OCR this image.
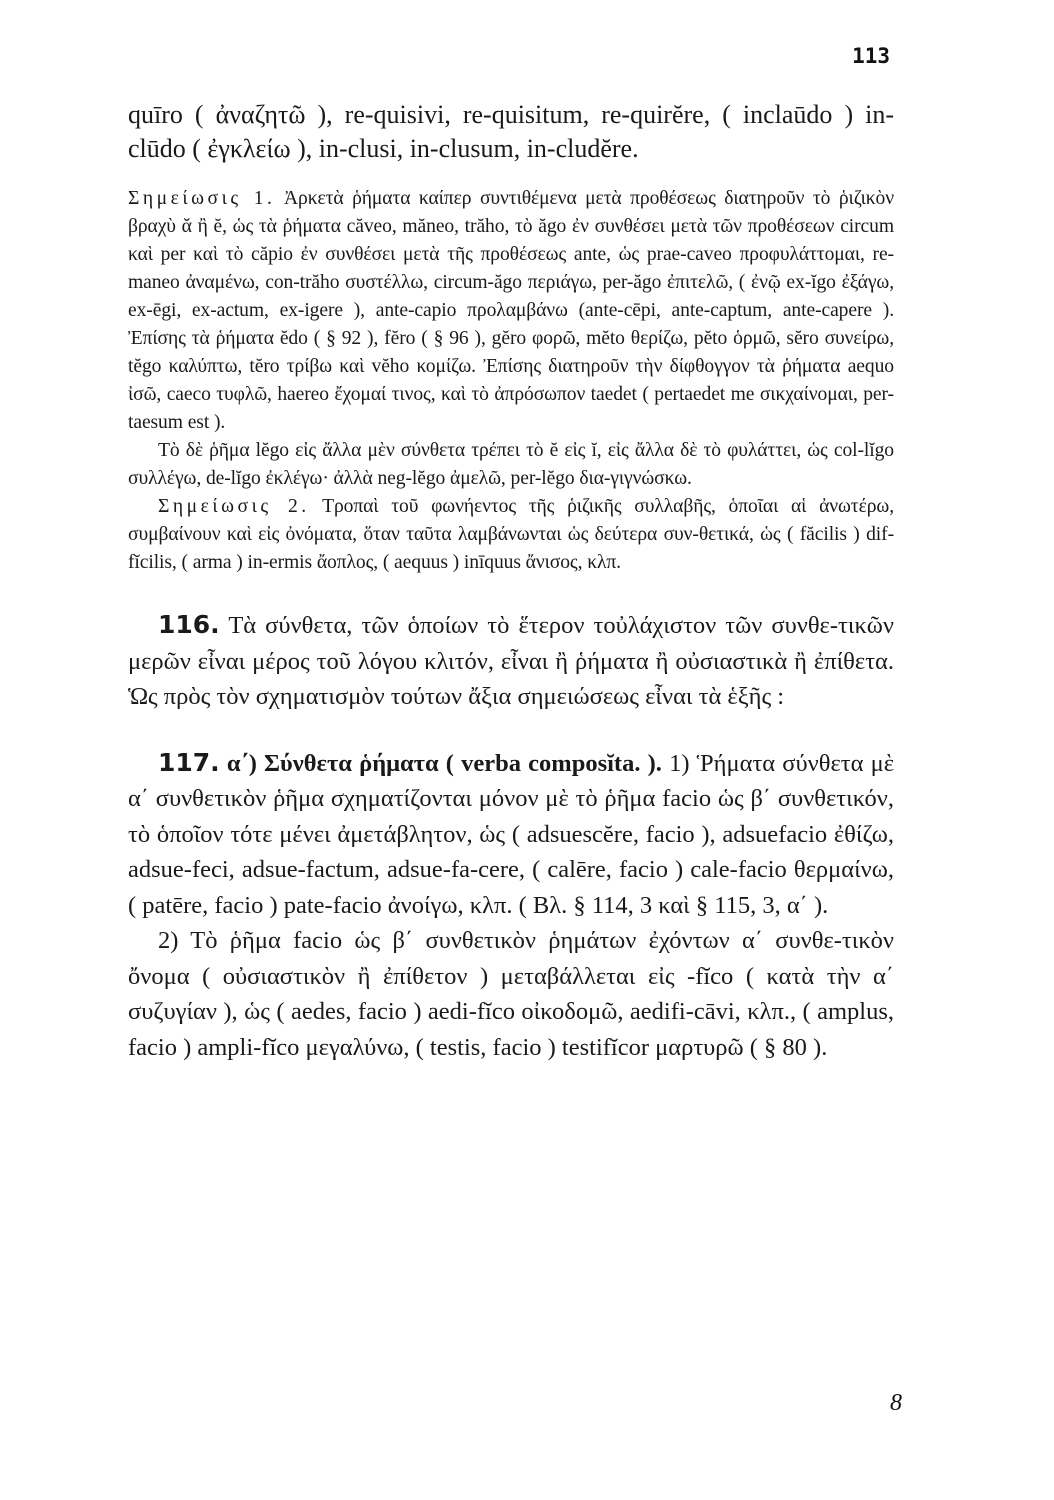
113

quīro ( ἀναζητῶ ), re-quisivi, re-quisitum, re-quirĕre, ( inclaūdo ) in-clūdo ( ἐγκλείω ), in-clusi, in-clusum, in-cludĕre.

Σημείωσις 1. Ἀρκετὰ ῥήματα καίπερ συντιθέμενα μετὰ προθέσεως διατηροῦν τὸ ῥιζικὸν βραχὺ ᾰ ἢ ĕ, ὡς τὰ ῥήματα căveo, măneo, trăho, τὸ ăgo ἐν συνθέσει μετὰ τῶν προθέσεων circum καὶ per καὶ τὸ căpio ἐν συνθέσει μετὰ τῆς προθέσεως ante, ὡς prae-caveo προφυλάττομαι, re-maneo ἀναμένω, con-trăho συστέλλω, circum-ăgo περιάγω, per-ăgo ἐπιτελῶ, ( ἐνῷ ex-ĭgo ἐξάγω, ex-ēgi, ex-actum, ex-igere ), ante-capio προλαμβάνω (ante-cēpi, ante-captum, ante-capere ). Ἐπίσης τὰ ῥήματα ĕdo ( § 92 ), fĕro ( § 96 ), gĕro φορῶ, mĕto θερίζω, pĕto ὁρμῶ, sĕro συνείρω, tĕgo καλύπτω, tĕro τρίβω καὶ vĕho κομίζω. Ἐπίσης διατηροῦν τὴν δίφθογγον τὰ ῥήματα aequo ἰσῶ, caeco τυφλῶ, haereo ἔχομαί τινος, καὶ τὸ ἀπρόσωπον taedet ( pertaedet me σικχαίνομαι, per-taesum est ).

Τὸ δὲ ῥῆμα lĕgo εἰς ἄλλα μὲν σύνθετα τρέπει τὸ ĕ εἰς ĭ, εἰς ἄλλα δὲ τὸ φυλάττει, ὡς col-lĭgo συλλέγω, de-lĭgo ἐκλέγω· ἀλλὰ neg-lĕgo ἀμελῶ, per-lĕgo δια-γιγνώσκω.

Σημείωσις 2. Τροπαὶ τοῦ φωνήεντος τῆς ῥιζικῆς συλλαβῆς, ὁποῖαι αἱ ἀνωτέρω, συμβαίνουν καὶ εἰς ὀνόματα, ὅταν ταῦτα λαμβάνωνται ὡς δεύτερα συν-θετικά, ὡς ( făcilis ) dif-fĭcilis, ( arma ) in-ermis ἄοπλος, ( aequus ) inīquus ἄνισος, κλπ.

116. Τὰ σύνθετα, τῶν ὁποίων τὸ ἕτερον τοὐλάχιστον τῶν συνθε-τικῶν μερῶν εἶναι μέρος τοῦ λόγου κλιτόν, εἶναι ἢ ῥήματα ἢ οὐσιαστικὰ ἢ ἐπίθετα. Ὡς πρὸς τὸν σχηματισμὸν τούτων ἄξια σημειώσεως εἶναι τὰ ἑξῆς :

117. α΄) Σύνθετα ῥήματα ( verba composĭta. ). 1) Ῥήματα σύνθετα μὲ α΄ συνθετικὸν ῥῆμα σχηματίζονται μόνον μὲ τὸ ῥῆμα facio ὡς β΄ συνθετικόν, τὸ ὁποῖον τότε μένει ἀμετάβλητον, ὡς ( adsuescĕre, facio ), adsuefacio ἐθίζω, adsue-feci, adsue-factum, adsue-fa-cere, ( calēre, facio ) cale-facio θερμαίνω, ( patēre, facio ) pate-facio ἀνοίγω, κλπ. ( Βλ. § 114, 3 καὶ § 115, 3, α΄ ).

2) Τὸ ῥῆμα facio ὡς β΄ συνθετικὸν ῥημάτων ἐχόντων α΄ συνθε-τικὸν ὄνομα ( οὐσιαστικὸν ἢ ἐπίθετον ) μεταβάλλεται εἰς -fĭco ( κατὰ τὴν α΄ συζυγίαν ), ὡς ( aedes, facio ) aedi-fĭco οἰκοδομῶ, aedifi-cāvi, κλπ., ( amplus, facio ) ampli-fĭco μεγαλύνω, ( testis, facio ) testifĭcor μαρτυρῶ ( § 80 ).

8
